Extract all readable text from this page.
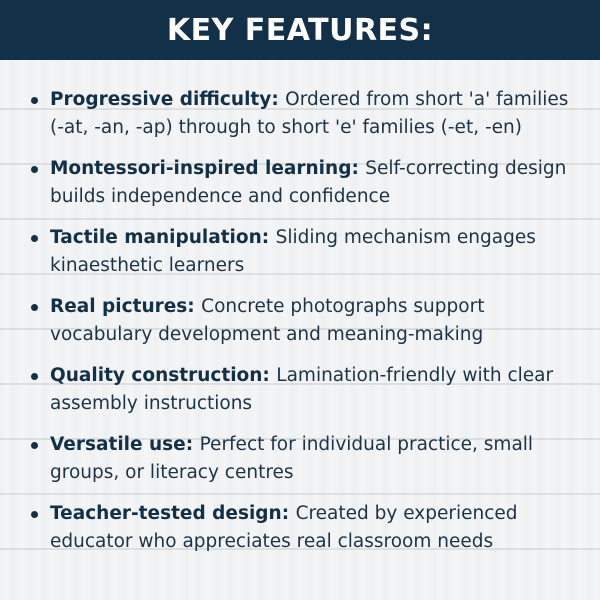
KEY FEATURES:
Progressive difficulty: Ordered from short 'a' families (-at, -an, -ap) through to short 'e' families (-et, -en)
Montessori-inspired learning: Self-correcting design builds independence and confidence
Tactile manipulation: Sliding mechanism engages kinaesthetic learners
Real pictures: Concrete photographs support vocabulary development and meaning-making
Quality construction: Lamination-friendly with clear assembly instructions
Versatile use: Perfect for individual practice, small groups, or literacy centres
Teacher-tested design: Created by experienced educator who appreciates real classroom needs
